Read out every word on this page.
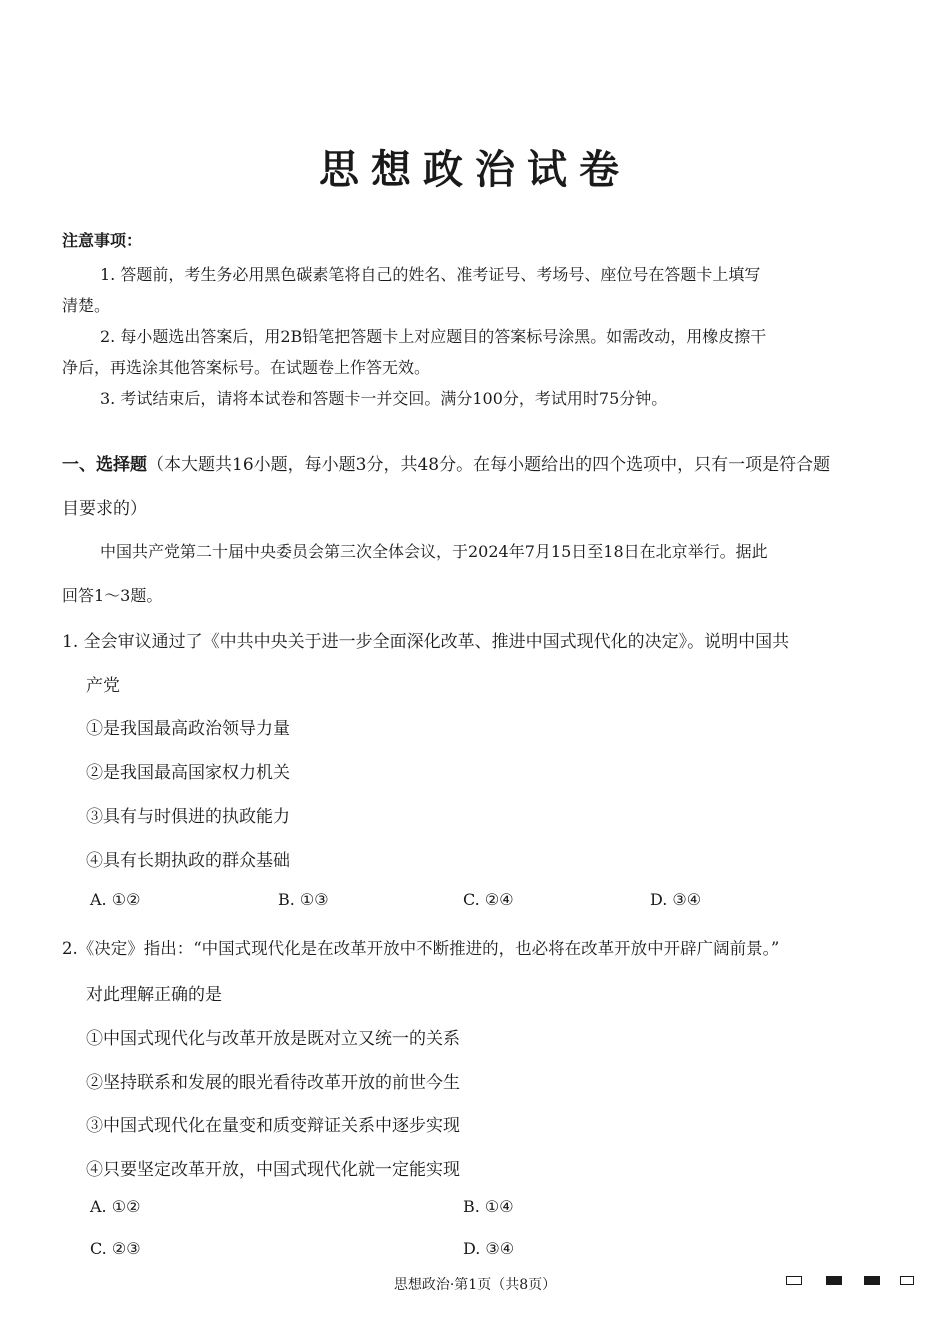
思想政治试卷
注意事项：
1. 答题前，考生务必用黑色碳素笔将自己的姓名、准考证号、考场号、座位号在答题卡上填写
清楚。
2. 每小题选出答案后，用2B铅笔把答题卡上对应题目的答案标号涂黑。如需改动，用橡皮擦干
净后，再选涂其他答案标号。在试题卷上作答无效。
3. 考试结束后，请将本试卷和答题卡一并交回。满分100分，考试用时75分钟。
一、选择题（本大题共16小题，每小题3分，共48分。在每小题给出的四个选项中，只有一项是符合题
目要求的）
中国共产党第二十届中央委员会第三次全体会议，于2024年7月15日至18日在北京举行。据此
回答1～3题。
1. 全会审议通过了《中共中央关于进一步全面深化改革、推进中国式现代化的决定》。说明中国共
产党
①是我国最高政治领导力量
②是我国最高国家权力机关
③具有与时俱进的执政能力
④具有长期执政的群众基础
A. ①②	B. ①③	C. ②④	D. ③④
2.《决定》指出：“中国式现代化是在改革开放中不断推进的，也必将在改革开放中开辟广阔前景。”
对此理解正确的是
①中国式现代化与改革开放是既对立又统一的关系
②坚持联系和发展的眼光看待改革开放的前世今生
③中国式现代化在量变和质变辩证关系中逐步实现
④只要坚定改革开放，中国式现代化就一定能实现
A. ①②	B. ①④
C. ②③	D. ③④
思想政治·第1页（共8页）
